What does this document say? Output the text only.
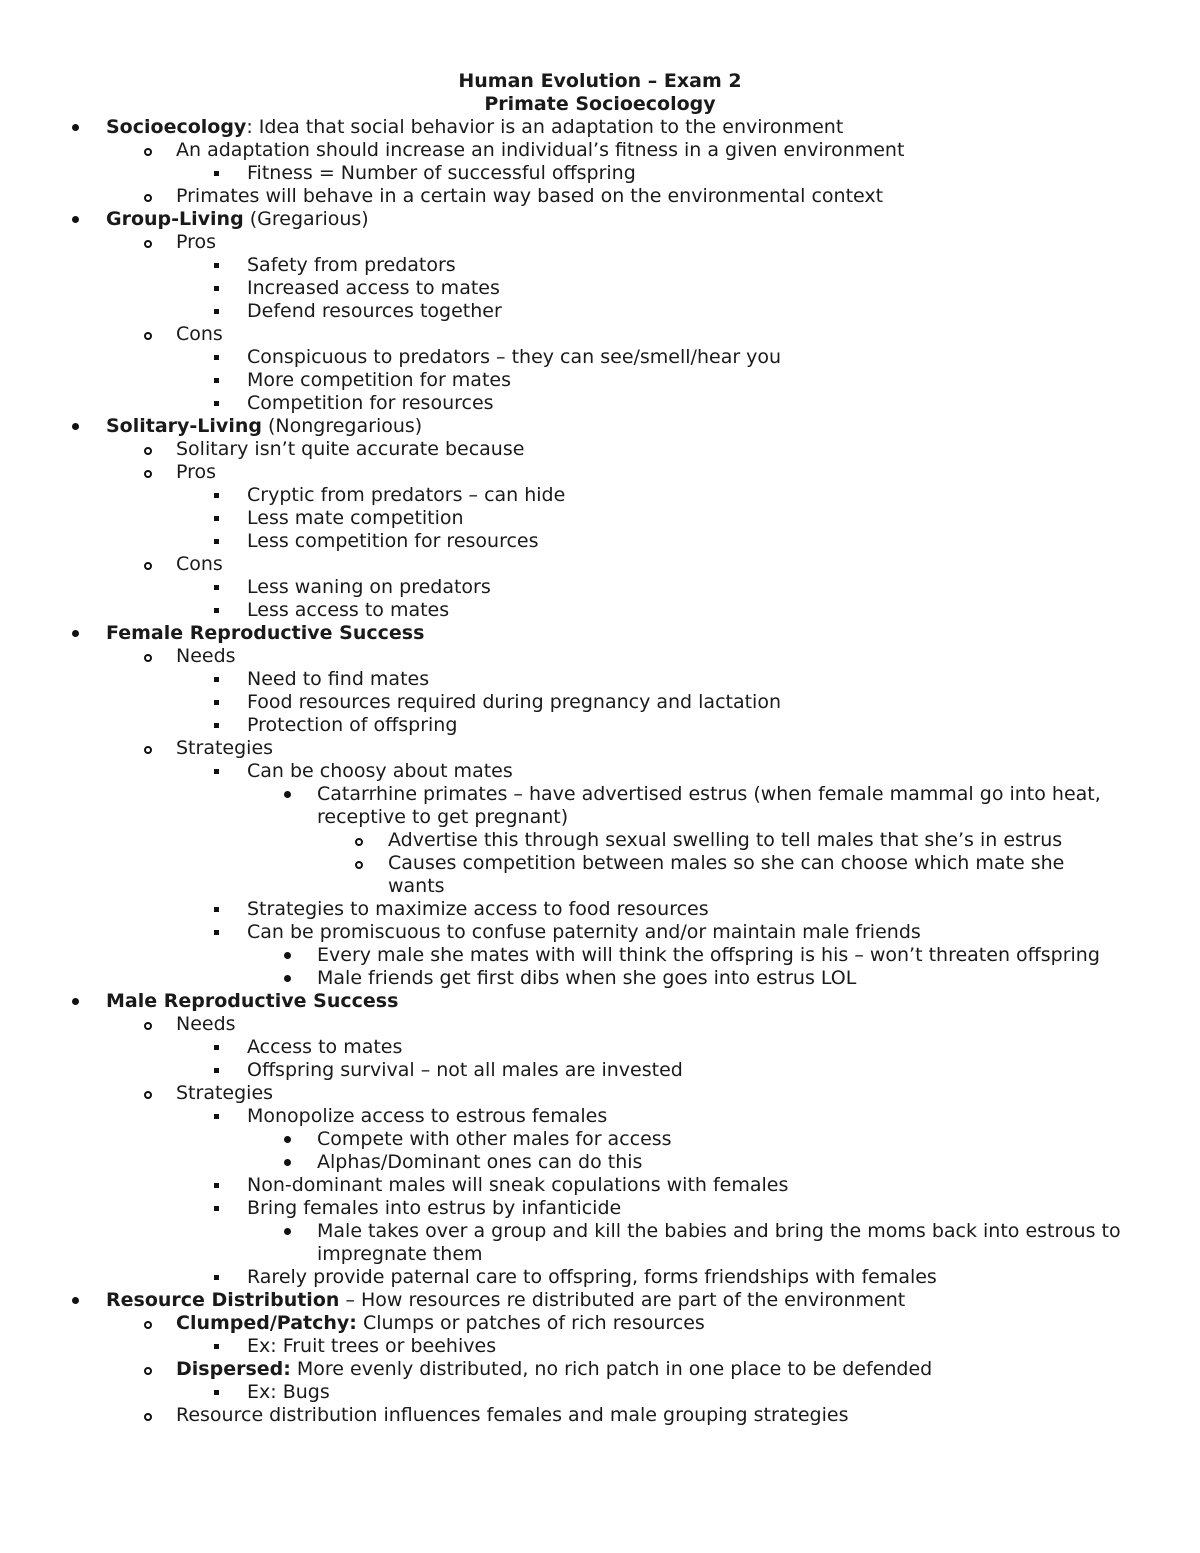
Human Evolution – Exam 2
Primate Socioecology
Socioecology: Idea that social behavior is an adaptation to the environment
An adaptation should increase an individual’s fitness in a given environment
Fitness = Number of successful offspring
Primates will behave in a certain way based on the environmental context
Group-Living (Gregarious)
Pros
Safety from predators
Increased access to mates
Defend resources together
Cons
Conspicuous to predators – they can see/smell/hear you
More competition for mates
Competition for resources
Solitary-Living (Nongregarious)
Solitary isn’t quite accurate because
Pros
Cryptic from predators – can hide
Less mate competition
Less competition for resources
Cons
Less waning on predators
Less access to mates
Female Reproductive Success
Needs
Need to find mates
Food resources required during pregnancy and lactation
Protection of offspring
Strategies
Can be choosy about mates
Catarrhine primates – have advertised estrus (when female mammal go into heat, receptive to get pregnant)
Advertise this through sexual swelling to tell males that she’s in estrus
Causes competition between males so she can choose which mate she wants
Strategies to maximize access to food resources
Can be promiscuous to confuse paternity and/or maintain male friends
Every male she mates with will think the offspring is his – won’t threaten offspring
Male friends get first dibs when she goes into estrus LOL
Male Reproductive Success
Needs
Access to mates
Offspring survival – not all males are invested
Strategies
Monopolize access to estrous females
Compete with other males for access
Alphas/Dominant ones can do this
Non-dominant males will sneak copulations with females
Bring females into estrus by infanticide
Male takes over a group and kill the babies and bring the moms back into estrous to impregnate them
Rarely provide paternal care to offspring, forms friendships with females
Resource Distribution – How resources re distributed are part of the environment
Clumped/Patchy: Clumps or patches of rich resources
Ex: Fruit trees or beehives
Dispersed: More evenly distributed, no rich patch in one place to be defended
Ex: Bugs
Resource distribution influences females and male grouping strategies
